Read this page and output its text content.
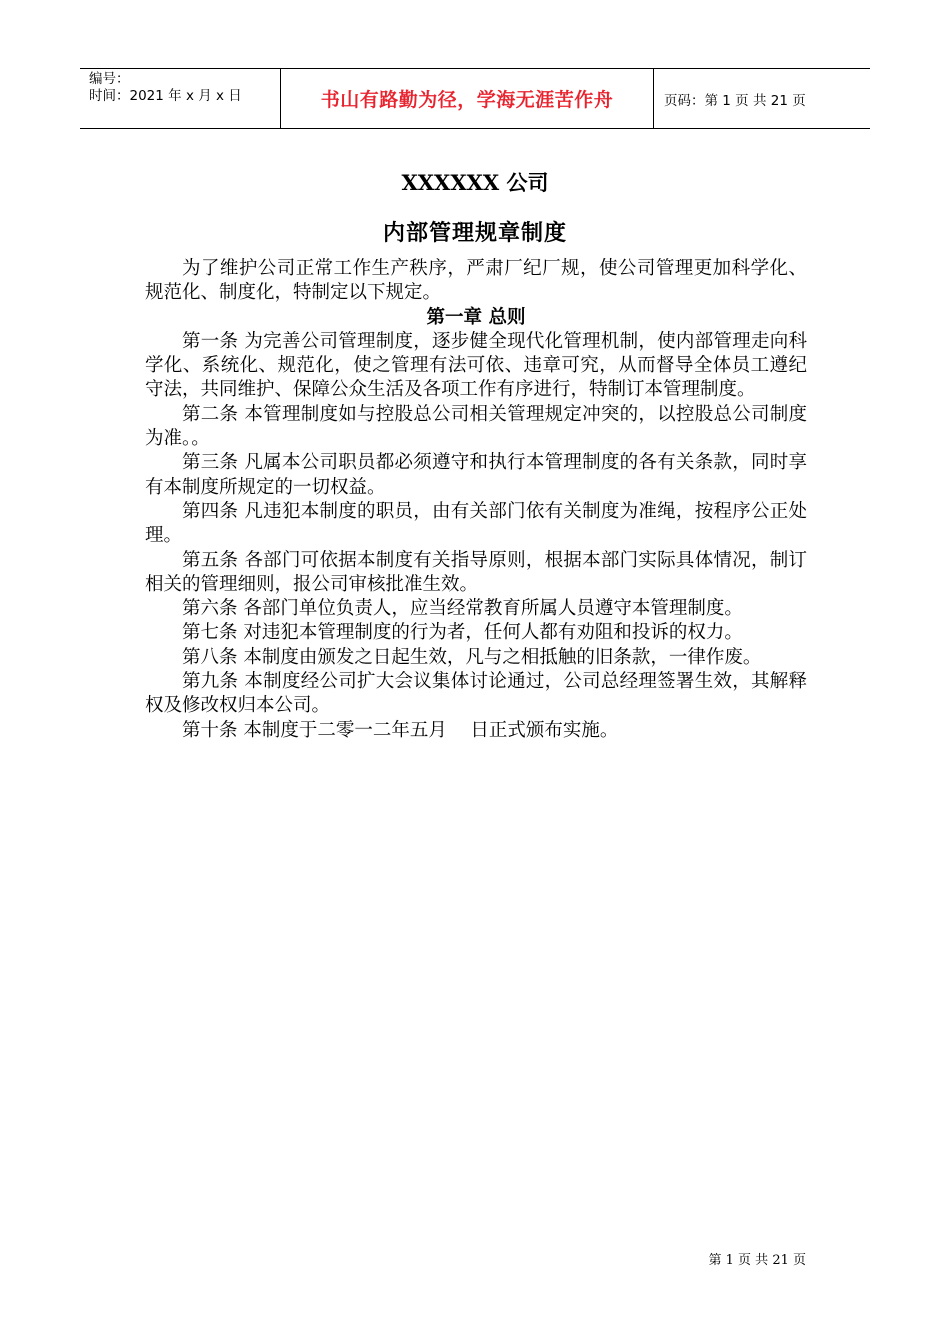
编号：
时间：2021 年 x 月 x 日	书山有路勤为径，学海无涯苦作舟	页码：第 1 页 共 21 页
XXXXXX 公司
内部管理规章制度

为了维护公司正常工作生产秩序，严肃厂纪厂规，使公司管理更加科学化、规范化、制度化，特制定以下规定。

第一章 总则

第一条 为完善公司管理制度，逐步健全现代化管理机制，使内部管理走向科学化、系统化、规范化，使之管理有法可依、违章可究，从而督导全体员工遵纪守法，共同维护、保障公众生活及各项工作有序进行，特制订本管理制度。

第二条 本管理制度如与控股总公司相关管理规定冲突的，以控股总公司制度为准。。

第三条 凡属本公司职员都必须遵守和执行本管理制度的各有关条款，同时享有本制度所规定的一切权益。

第四条 凡违犯本制度的职员，由有关部门依有关制度为准绳，按程序公正处理。

第五条 各部门可依据本制度有关指导原则，根据本部门实际具体情况，制订相关的管理细则，报公司审核批准生效。

第六条 各部门单位负责人，应当经常教育所属人员遵守本管理制度。

第七条 对违犯本管理制度的行为者，任何人都有劝阻和投诉的权力。

第八条 本制度由颁发之日起生效，凡与之相抵触的旧条款，一律作废。

第九条 本制度经公司扩大会议集体讨论通过，公司总经理签署生效，其解释权及修改权归本公司。

第十条 本制度于二零一二年五月    日正式颁布实施。

第 1 页 共 21 页
